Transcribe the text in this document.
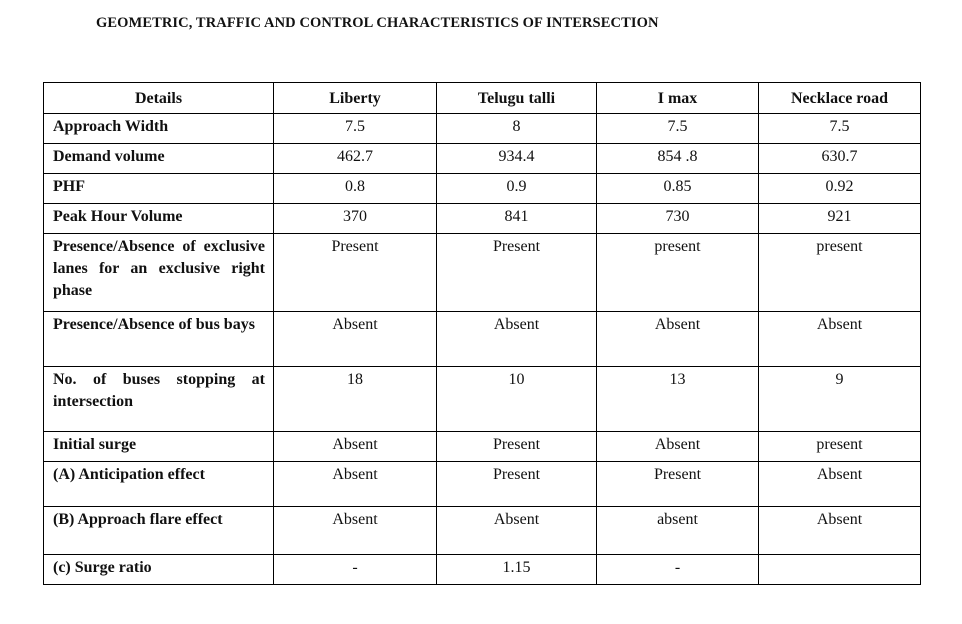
GEOMETRIC, TRAFFIC AND CONTROL CHARACTERISTICS OF INTERSECTION
Details	Liberty	Telugu talli	I max	Necklace road
Approach Width	7.5	8	7.5	7.5
Demand volume	462.7	934.4	854 .8	630.7
PHF	0.8	0.9	0.85	0.92
Peak Hour Volume	370	841	730	921
Presence/Absence of exclusive lanes for an exclusive right phase	Present	Present	present	present
Presence/Absence of bus bays	Absent	Absent	Absent	Absent
No. of buses stopping at intersection	18	10	13	9
Initial surge	Absent	Present	Absent	present
(A) Anticipation effect	Absent	Present	Present	Absent
(B) Approach flare effect	Absent	Absent	absent	Absent
(c) Surge ratio	-	1.15	-	
